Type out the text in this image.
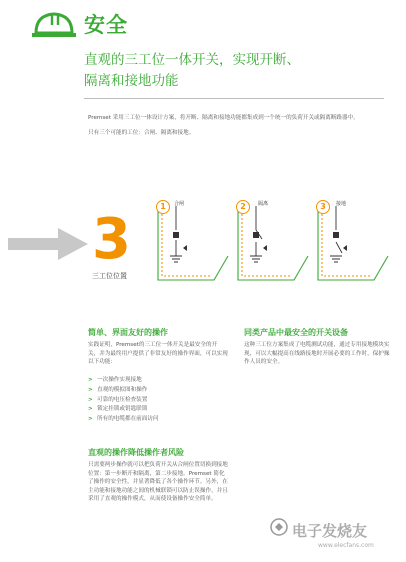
安全
直观的三工位一体开关，实现开断、
隔离和接地功能

Premset 采用三工位一体设计方案，将开断、隔离和接地功能都集成到一个统一的负荷开关或隔离断路器中。

只有三个可能的工位：合闸、隔离和接地。

3
三工位位置
1	合闸	2	隔离	3	接地
简单、界面友好的操作
实践证明，Premset的三工位一体开关是最安全的开关，并为最终用户提供了非常友好的操作界面，可以实现以下功能：
> 一次操作实现接地
> 直观的模拟图和操作
> 可靠的电压检查装置
> 锁定挂锁或钥匙联锁
> 所有的电缆都在前面访问
同类产品中最安全的开关设备
这种三工位方案集成了电缆测试功能，通过专用接地模块实现，可以大幅提高在线路接地时开展必要的工作时，保护操作人员的安全。
直观的操作降低操作者风险
只需要两步操作就可以把负荷开关从合闸位置切换到接地位置：第一步断开和隔离，第二步接地。Premset 简化了操作的安全性，并显著降低了各个操作环节。另外，在主功能和接地功能之间的机械联锁可以防止误操作，并且采用了直观的操作模式，从而使设备操作安全简单。
电子发烧友
www.elecfans.com
